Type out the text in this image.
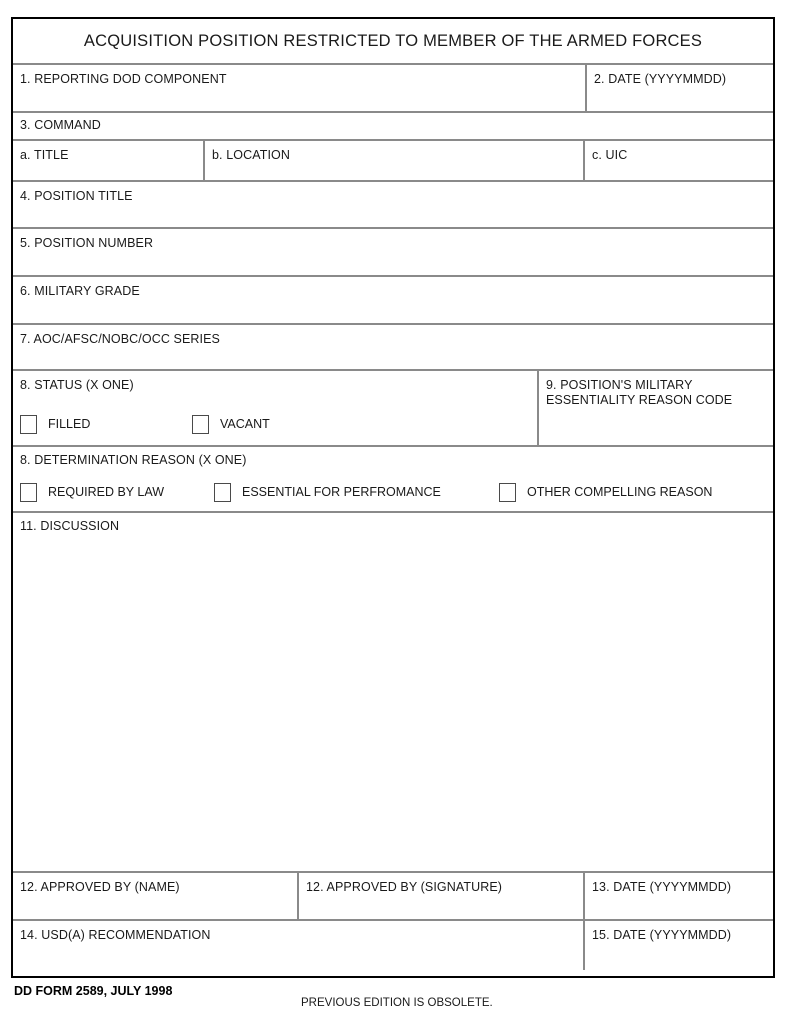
ACQUISITION POSITION RESTRICTED TO MEMBER OF THE ARMED FORCES
1. REPORTING DOD COMPONENT	2. DATE (YYYYMMDD)
3. COMMAND
a. TITLE	b. LOCATION	c. UIC
4. POSITION TITLE
5. POSITION NUMBER
6. MILITARY GRADE
7. AOC/AFSC/NOBC/OCC SERIES
8. STATUS (X ONE)
FILLED	VACANT
9. POSITION'S MILITARY ESSENTIALITY REASON CODE
8. DETERMINATION REASON (X ONE)
REQUIRED BY LAW	ESSENTIAL FOR PERFROMANCE	OTHER COMPELLING REASON
11. DISCUSSION
12. APPROVED BY (NAME)	12. APPROVED BY (SIGNATURE)	13. DATE (YYYYMMDD)
14. USD(A) RECOMMENDATION	15. DATE (YYYYMMDD)
DD FORM 2589, JULY 1998
PREVIOUS EDITION IS OBSOLETE.
